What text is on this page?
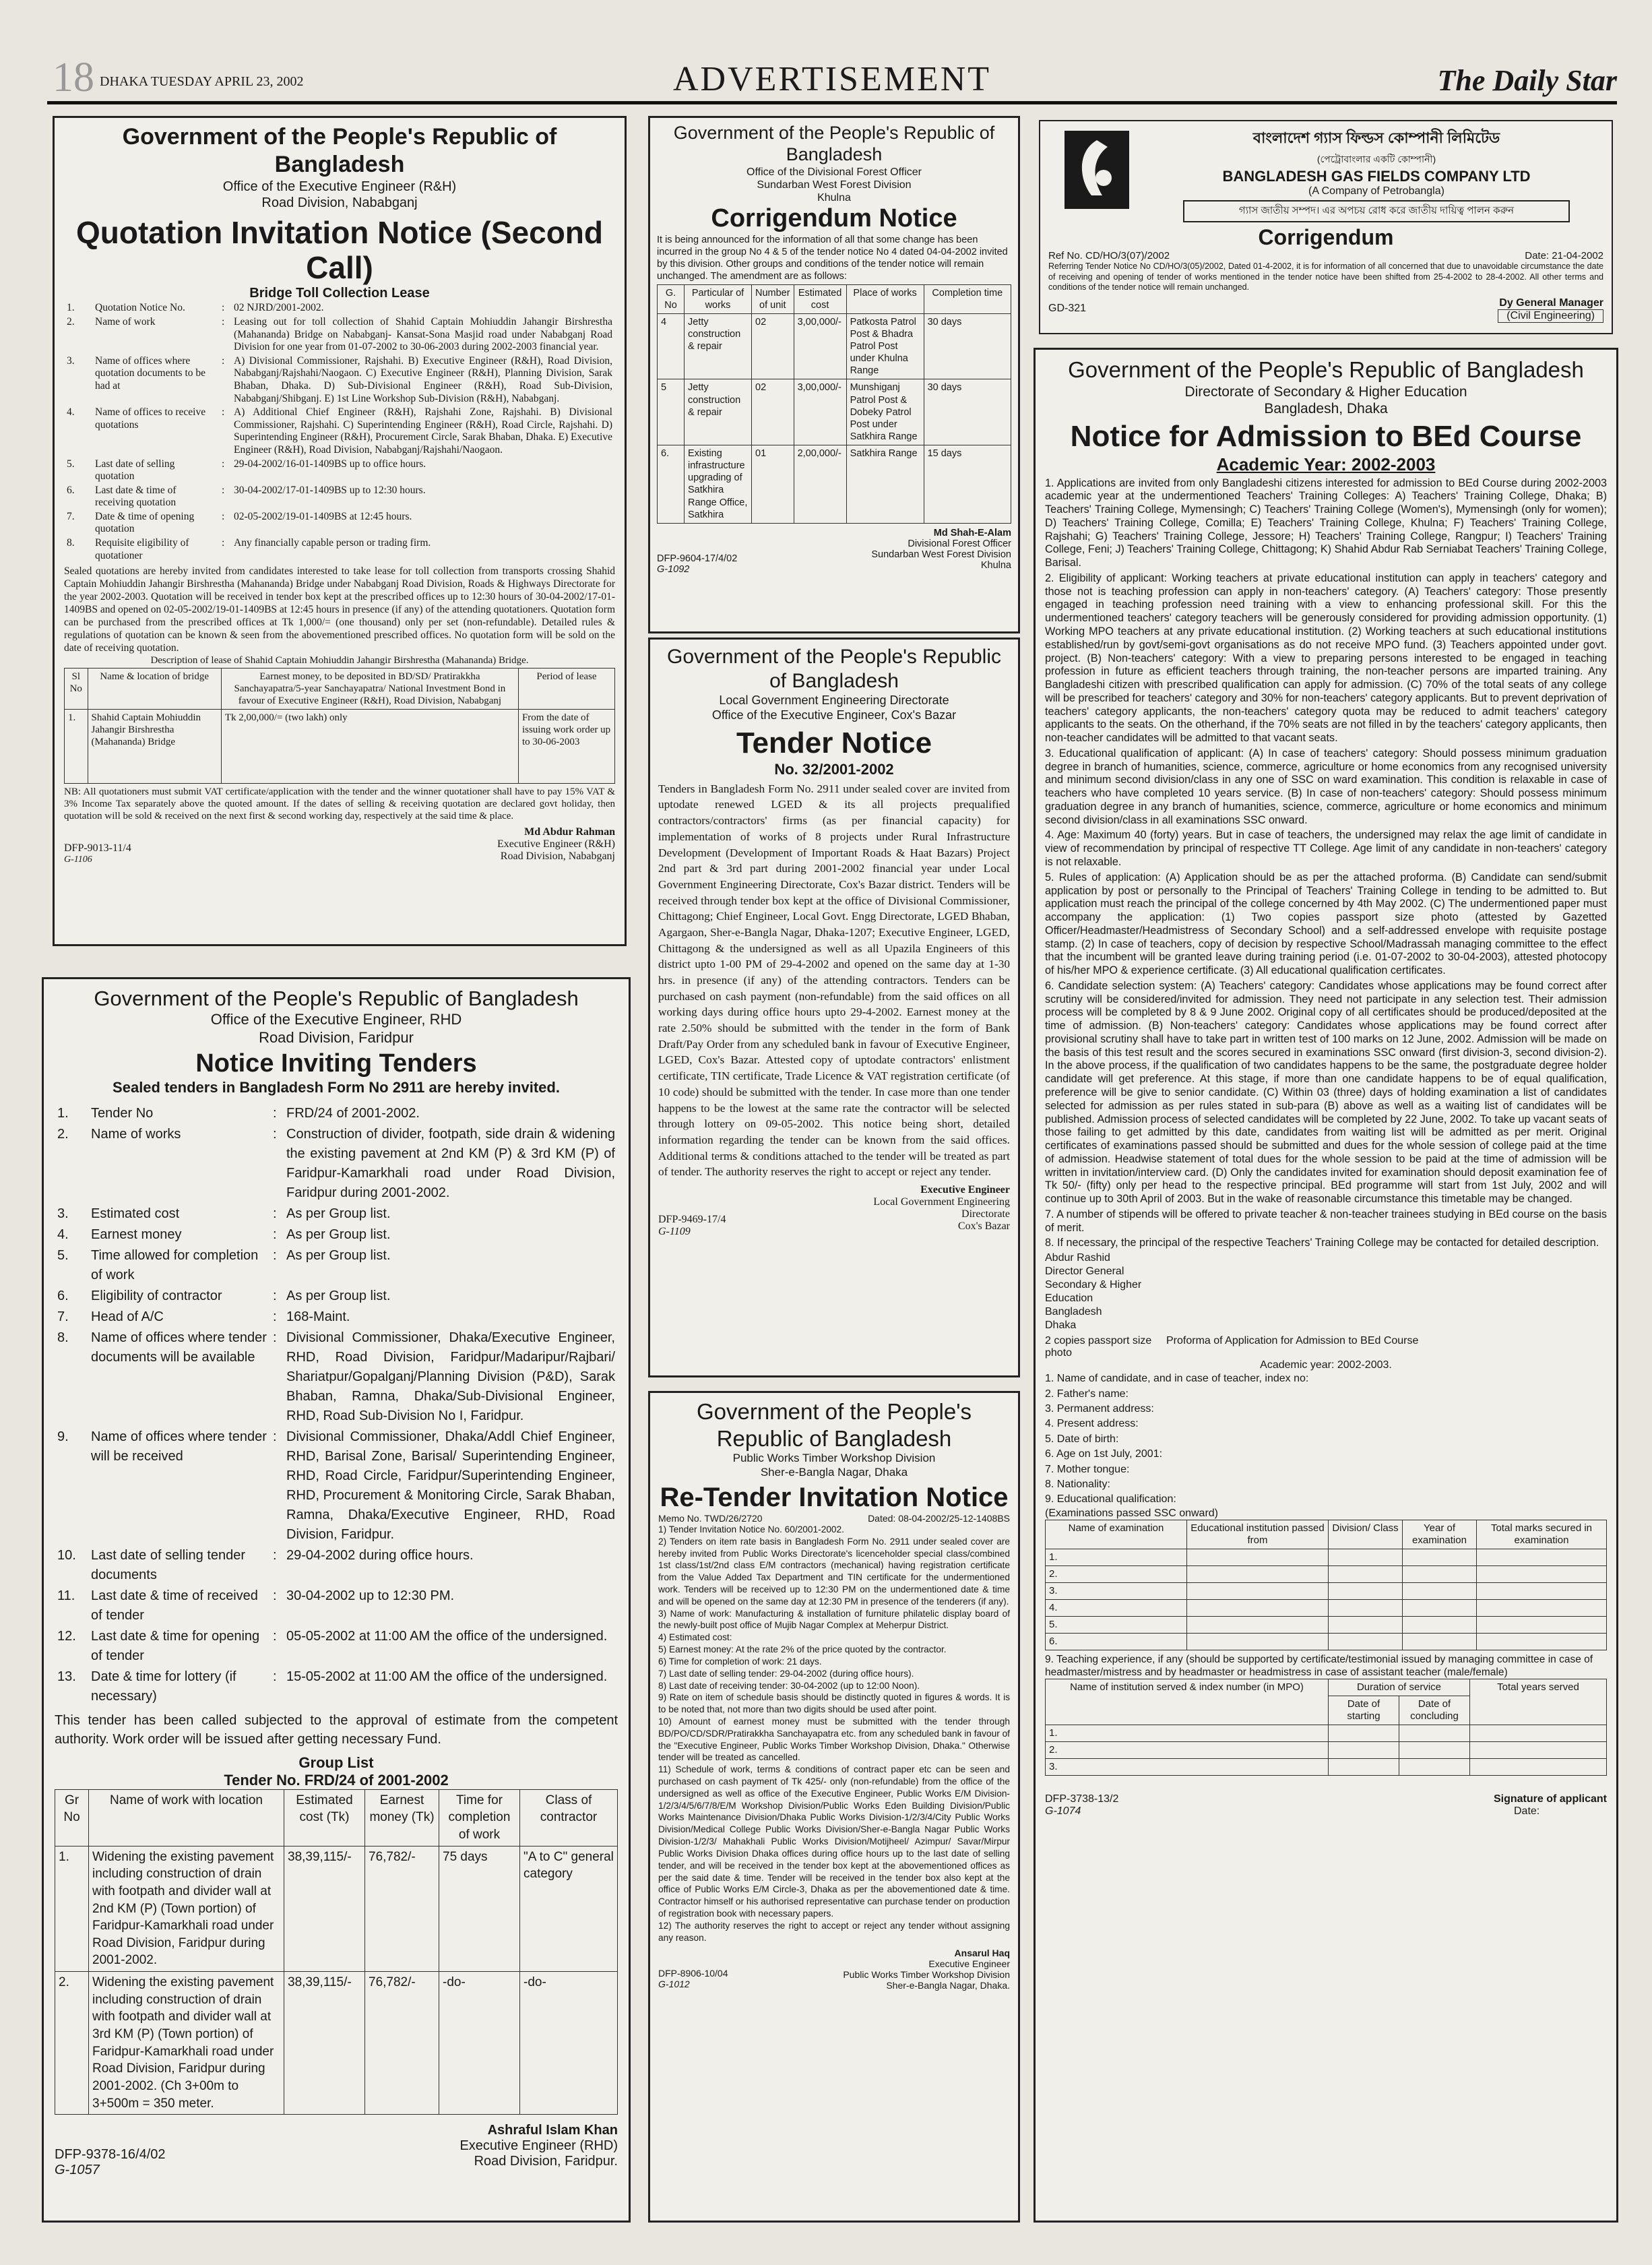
18 DHAKA TUESDAY APRIL 23, 2002	ADVERTISEMENT	The Daily Star
Government of the People's Republic of Bangladesh
Office of the Executive Engineer (R&H)
Road Division, Nababganj
Quotation Invitation Notice (Second Call)
Bridge Toll Collection Lease
1.	Quotation Notice No.	:	02 NJRD/2001-2002.
2.	Name of work	:	Leasing out for toll collection of Shahid Captain Mohiuddin Jahangir Birshrestha (Mahananda) Bridge on Nababganj- Kansat-Sona Masjid road under Nababganj Road Division for one year from 01-07-2002 to 30-06-2003 during 2002-2003 financial year.
3.	Name of offices where quotation documents to be had at	:	A) Divisional Commissioner, Rajshahi. B) Executive Engineer (R&H), Road Division, Nababganj/Rajshahi/Naogaon. C) Executive Engineer (R&H), Planning Division, Sarak Bhaban, Dhaka. D) Sub-Divisional Engineer (R&H), Road Sub-Division, Nababganj/Shibganj. E) 1st Line Workshop Sub-Division (R&H), Nababganj.
4.	Name of offices to receive quotations	:	A) Additional Chief Engineer (R&H), Rajshahi Zone, Rajshahi. B) Divisional Commissioner, Rajshahi. C) Superintending Engineer (R&H), Road Circle, Rajshahi. D) Superintending Engineer (R&H), Procurement Circle, Sarak Bhaban, Dhaka. E) Executive Engineer (R&H), Road Division, Nababganj/Rajshahi/Naogaon.
5.	Last date of selling quotation	:	29-04-2002/16-01-1409BS up to office hours.
6.	Last date & time of receiving quotation	:	30-04-2002/17-01-1409BS up to 12:30 hours.
7.	Date & time of opening quotation	:	02-05-2002/19-01-1409BS at 12:45 hours.
8.	Requisite eligibility of quotationer	:	Any financially capable person or trading firm.
Sealed quotations are hereby invited from candidates interested to take lease for toll collection from transports crossing Shahid Captain Mohiuddin Jahangir Birshrestha (Mahananda) Bridge under Nababganj Road Division, Roads & Highways Directorate for the year 2002-2003. Quotation will be received in tender box kept at the prescribed offices up to 12:30 hours of 30-04-2002/17-01-1409BS and opened on 02-05-2002/19-01-1409BS at 12:45 hours in presence (if any) of the attending quotationers. Quotation form can be purchased from the prescribed offices at Tk 1,000/= (one thousand) only per set (non-refundable). Detailed rules & regulations of quotation can be known & seen from the abovementioned prescribed offices. No quotation form will be sold on the date of receiving quotation.
Description of lease of Shahid Captain Mohiuddin Jahangir Birshrestha (Mahananda) Bridge.
Sl No	Name & location of bridge	Earnest money, to be deposited in BD/SD/ Pratirakkha Sanchayapatra/5-year Sanchayapatra/ National Investment Bond in favour of Executive Engineer (R&H), Road Division, Nababganj	Period of lease
1.	Shahid Captain Mohiuddin Jahangir Birshrestha (Mahananda) Bridge	Tk 2,00,000/= (two lakh) only	From the date of issuing work order up to 30-06-2003
NB: All quotationers must submit VAT certificate/application with the tender and the winner quotationer shall have to pay 15% VAT & 3% Income Tax separately above the quoted amount. If the dates of selling & receiving quotation are declared govt holiday, then quotation will be sold & received on the next first & second working day, respectively at the said time & place.
DFP-9013-11/4
G-1106
Md Abdur Rahman
Executive Engineer (R&H)
Road Division, Nababganj
Government of the People's Republic of Bangladesh
Office of the Executive Engineer, RHD
Road Division, Faridpur
Notice Inviting Tenders
Sealed tenders in Bangladesh Form No 2911 are hereby invited.
1.	Tender No	:	FRD/24 of 2001-2002.
2.	Name of works	:	Construction of divider, footpath, side drain & widening the existing pavement at 2nd KM (P) & 3rd KM (P) of Faridpur-Kamarkhali road under Road Division, Faridpur during 2001-2002.
3.	Estimated cost	:	As per Group list.
4.	Earnest money	:	As per Group list.
5.	Time allowed for completion of work	:	As per Group list.
6.	Eligibility of contractor	:	As per Group list.
7.	Head of A/C	:	168-Maint.
8.	Name of offices where tender documents will be available	:	Divisional Commissioner, Dhaka/Executive Engineer, RHD, Road Division, Faridpur/Madaripur/Rajbari/ Shariatpur/Gopalganj/Planning Division (P&D), Sarak Bhaban, Ramna, Dhaka/Sub-Divisional Engineer, RHD, Road Sub-Division No I, Faridpur.
9.	Name of offices where tender will be received	:	Divisional Commissioner, Dhaka/Addl Chief Engineer, RHD, Barisal Zone, Barisal/ Superintending Engineer, RHD, Road Circle, Faridpur/Superintending Engineer, RHD, Procurement & Monitoring Circle, Sarak Bhaban, Ramna, Dhaka/Executive Engineer, RHD, Road Division, Faridpur.
10.	Last date of selling tender documents	:	29-04-2002 during office hours.
11.	Last date & time of received of tender	:	30-04-2002 up to 12:30 PM.
12.	Last date & time for opening of tender	:	05-05-2002 at 11:00 AM the office of the undersigned.
13.	Date & time for lottery (if necessary)	:	15-05-2002 at 11:00 AM the office of the undersigned.
This tender has been called subjected to the approval of estimate from the competent authority. Work order will be issued after getting necessary Fund.
Group List
Tender No. FRD/24 of 2001-2002
Gr No	Name of work with location	Estimated cost (Tk)	Earnest money (Tk)	Time for completion of work	Class of contractor
1.	Widening the existing pavement including construction of drain with footpath and divider wall at 2nd KM (P) (Town portion) of Faridpur-Kamarkhali road under Road Division, Faridpur during 2001-2002.	38,39,115/-	76,782/-	75 days	"A to C" general category
2.	Widening the existing pavement including construction of drain with footpath and divider wall at 3rd KM (P) (Town portion) of Faridpur-Kamarkhali road under Road Division, Faridpur during 2001-2002. (Ch 3+00m to 3+500m = 350 meter.	38,39,115/-	76,782/-	-do-	-do-
DFP-9378-16/4/02
G-1057
Ashraful Islam Khan
Executive Engineer (RHD)
Road Division, Faridpur.
Government of the People's Republic of Bangladesh
Office of the Divisional Forest Officer
Sundarban West Forest Division
Khulna
Corrigendum Notice
It is being announced for the information of all that some change has been incurred in the group No 4 & 5 of the tender notice No 4 dated 04-04-2002 invited by this division. Other groups and conditions of the tender notice will remain unchanged. The amendment are as follows:
G. No	Particular of works	Number of unit	Estimated cost	Place of works	Completion time
4	Jetty construction & repair	02	3,00,000/-	Patkosta Patrol Post & Bhadra Patrol Post under Khulna Range	30 days
5	Jetty construction & repair	02	3,00,000/-	Munshiganj Patrol Post & Dobeky Patrol Post under Satkhira Range	30 days
6.	Existing infrastructure upgrading of Satkhira Range Office, Satkhira	01	2,00,000/-	Satkhira Range	15 days
DFP-9604-17/4/02
G-1092
Md Shah-E-Alam
Divisional Forest Officer
Sundarban West Forest Division
Khulna
Government of the People's Republic of Bangladesh
Local Government Engineering Directorate
Office of the Executive Engineer, Cox's Bazar
Tender Notice
No. 32/2001-2002
Tenders in Bangladesh Form No. 2911 under sealed cover are invited from uptodate renewed LGED & its all projects prequalified contractors/contractors' firms (as per financial capacity) for implementation of works of 8 projects under Rural Infrastructure Development (Development of Important Roads & Haat Bazars) Project 2nd part & 3rd part during 2001-2002 financial year under Local Government Engineering Directorate, Cox's Bazar district. Tenders will be received through tender box kept at the office of Divisional Commissioner, Chittagong; Chief Engineer, Local Govt. Engg Directorate, LGED Bhaban, Agargaon, Sher-e-Bangla Nagar, Dhaka-1207; Executive Engineer, LGED, Chittagong & the undersigned as well as all Upazila Engineers of this district upto 1-00 PM of 29-4-2002 and opened on the same day at 1-30 hrs. in presence (if any) of the attending contractors. Tenders can be purchased on cash payment (non-refundable) from the said offices on all working days during office hours upto 29-4-2002. Earnest money at the rate 2.50% should be submitted with the tender in the form of Bank Draft/Pay Order from any scheduled bank in favour of Executive Engineer, LGED, Cox's Bazar. Attested copy of uptodate contractors' enlistment certificate, TIN certificate, Trade Licence & VAT registration certificate (of 10 code) should be submitted with the tender. In case more than one tender happens to be the lowest at the same rate the contractor will be selected through lottery on 09-05-2002. This notice being short, detailed information regarding the tender can be known from the said offices. Additional terms & conditions attached to the tender will be treated as part of tender. The authority reserves the right to accept or reject any tender.
DFP-9469-17/4
G-1109
Executive Engineer
Local Government Engineering
Directorate
Cox's Bazar
Government of the People's Republic of Bangladesh
Public Works Timber Workshop Division
Sher-e-Bangla Nagar, Dhaka
Re-Tender Invitation Notice
Memo No. TWD/26/2720	Dated: 08-04-2002/25-12-1408BS
1) Tender Invitation Notice No. 60/2001-2002.
2) Tenders on item rate basis in Bangladesh Form No. 2911 under sealed cover are hereby invited from Public Works Directorate's licenceholder special class/combined 1st class/1st/2nd class E/M contractors (mechanical) having registration certificate from the Value Added Tax Department and TIN certificate for the undermentioned work. Tenders will be received up to 12:30 PM on the undermentioned date & time and will be opened on the same day at 12:30 PM in presence of the tenderers (if any).
3) Name of work: Manufacturing & installation of furniture philatelic display board of the newly-built post office of Mujib Nagar Complex at Meherpur District.
4) Estimated cost:
5) Earnest money: At the rate 2% of the price quoted by the contractor.
6) Time for completion of work: 21 days.
7) Last date of selling tender: 29-04-2002 (during office hours).
8) Last date of receiving tender: 30-04-2002 (up to 12:00 Noon).
9) Rate on item of schedule basis should be distinctly quoted in figures & words. It is to be noted that, not more than two digits should be used after point.
10) Amount of earnest money must be submitted with the tender through BD/PO/CD/SDR/Pratirakkha Sanchayapatra etc. from any scheduled bank in favour of the "Executive Engineer, Public Works Timber Workshop Division, Dhaka." Otherwise tender will be treated as cancelled.
11) Schedule of work, terms & conditions of contract paper etc can be seen and purchased on cash payment of Tk 425/- only (non-refundable) from the office of the undersigned as well as office of the Executive Engineer, Public Works E/M Division-1/2/3/4/5/6/7/8/E/M Workshop Division/Public Works Eden Building Division/Public Works Maintenance Division/Dhaka Public Works Division-1/2/3/4/City Public Works Division/Medical College Public Works Division/Sher-e-Bangla Nagar Public Works Division-1/2/3/ Mahakhali Public Works Division/Motijheel/ Azimpur/ Savar/Mirpur Public Works Division Dhaka offices during office hours up to the last date of selling tender, and will be received in the tender box kept at the abovementioned offices as per the said date & time. Tender will be received in the tender box also kept at the office of Public Works E/M Circle-3, Dhaka as per the abovementioned date & time. Contractor himself or his authorised representative can purchase tender on production of registration book with necessary papers.
12) The authority reserves the right to accept or reject any tender without assigning any reason.
DFP-8906-10/04
G-1012
Ansarul Haq
Executive Engineer
Public Works Timber Workshop Division
Sher-e-Bangla Nagar, Dhaka.
বাংলাদেশ গ্যাস ফিল্ডস কোম্পানী লিমিটেড
(পেট্রোবাংলার একটি কোম্পানী)
BANGLADESH GAS FIELDS COMPANY LTD
(A Company of Petrobangla)
গ্যাস জাতীয় সম্পদ। এর অপচয় রোধ করে জাতীয় দায়িত্ব পালন করুন
Corrigendum
Ref No. CD/HO/3(07)/2002	Date: 21-04-2002
Referring Tender Notice No CD/HO/3(05)/2002, Dated 01-4-2002, it is for information of all concerned that due to unavoidable circumstance the date of receiving and opening of tender of works mentioned in the tender notice have been shifted from 25-4-2002 to 28-4-2002. All other terms and conditions of the tender notice will remain unchanged.
GD-321	Dy General Manager
(Civil Engineering)
Government of the People's Republic of Bangladesh
Directorate of Secondary & Higher Education
Bangladesh, Dhaka
Notice for Admission to BEd Course
Academic Year: 2002-2003
1. Applications are invited from only Bangladeshi citizens interested for admission to BEd Course during 2002-2003 academic year at the undermentioned Teachers' Training Colleges: A) Teachers' Training College, Dhaka; B) Teachers' Training College, Mymensingh; C) Teachers' Training College (Women's), Mymensingh (only for women); D) Teachers' Training College, Comilla; E) Teachers' Training College, Khulna; F) Teachers' Training College, Rajshahi; G) Teachers' Training College, Jessore; H) Teachers' Training College, Rangpur; I) Teachers' Training College, Feni; J) Teachers' Training College, Chittagong; K) Shahid Abdur Rab Serniabat Teachers' Training College, Barisal.
2. Eligibility of applicant: Working teachers at private educational institution can apply in teachers' category and those not is teaching profession can apply in non-teachers' category. (A) Teachers' category: Those presently engaged in teaching profession need training with a view to enhancing professional skill. For this the undermentioned teachers' category teachers will be generously considered for providing admission opportunity. (1) Working MPO teachers at any private educational institution. (2) Working teachers at such educational institutions established/run by govt/semi-govt organisations as do not receive MPO fund. (3) Teachers appointed under govt. project. (B) Non-teachers' category: With a view to preparing persons interested to be engaged in teaching profession in future as efficient teachers through training, the non-teacher persons are imparted training. Any Bangladeshi citizen with prescribed qualification can apply for admission. (C) 70% of the total seats of any college will be prescribed for teachers' category and 30% for non-teachers' category applicants. But to prevent deprivation of teachers' category applicants, the non-teachers' category quota may be reduced to admit teachers' category applicants to the seats. On the otherhand, if the 70% seats are not filled in by the teachers' category applicants, then non-teacher candidates will be admitted to that vacant seats.
3. Educational qualification of applicant: (A) In case of teachers' category: Should possess minimum graduation degree in branch of humanities, science, commerce, agriculture or home economics from any recognised university and minimum second division/class in any one of SSC on ward examination. This condition is relaxable in case of teachers who have completed 10 years service. (B) In case of non-teachers' category: Should possess minimum graduation degree in any branch of humanities, science, commerce, agriculture or home economics and minimum second division/class in all examinations SSC onward.
4. Age: Maximum 40 (forty) years. But in case of teachers, the undersigned may relax the age limit of candidate in view of recommendation by principal of respective TT College. Age limit of any candidate in non-teachers' category is not relaxable.
5. Rules of application: (A) Application should be as per the attached proforma. (B) Candidate can send/submit application by post or personally to the Principal of Teachers' Training College in tending to be admitted to. But application must reach the principal of the college concerned by 4th May 2002. (C) The undermentioned paper must accompany the application: (1) Two copies passport size photo (attested by Gazetted Officer/Headmaster/Headmistress of Secondary School) and a self-addressed envelope with requisite postage stamp. (2) In case of teachers, copy of decision by respective School/Madrassah managing committee to the effect that the incumbent will be granted leave during training period (i.e. 01-07-2002 to 30-04-2003), attested photocopy of his/her MPO & experience certificate. (3) All educational qualification certificates.
6. Candidate selection system: (A) Teachers' category: Candidates whose applications may be found correct after scrutiny will be considered/invited for admission. They need not participate in any selection test. Their admission process will be completed by 8 & 9 June 2002. Original copy of all certificates should be produced/deposited at the time of admission. (B) Non-teachers' category: Candidates whose applications may be found correct after provisional scrutiny shall have to take part in written test of 100 marks on 12 June, 2002. Admission will be made on the basis of this test result and the scores secured in examinations SSC onward (first division-3, second division-2). In the above process, if the qualification of two candidates happens to be the same, the postgraduate degree holder candidate will get preference. At this stage, if more than one candidate happens to be of equal qualification, preference will be give to senior candidate. (C) Within 03 (three) days of holding examination a list of candidates selected for admission as per rules stated in sub-para (B) above as well as a waiting list of candidates will be published. Admission process of selected candidates will be completed by 22 June, 2002. To take up vacant seats of those failing to get admitted by this date, candidates from waiting list will be admitted as per merit. Original certificates of examinations passed should be submitted and dues for the whole session of college paid at the time of admission. Headwise statement of total dues for the whole session to be paid at the time of admission will be written in invitation/interview card. (D) Only the candidates invited for examination should deposit examination fee of Tk 50/- (fifty) only per head to the respective principal. BEd programme will start from 1st July, 2002 and will continue up to 30th April of 2003. But in the wake of reasonable circumstance this timetable may be changed.
7. A number of stipends will be offered to private teacher & non-teacher trainees studying in BEd course on the basis of merit.
8. If necessary, the principal of the respective Teachers' Training College may be contacted for detailed description.
Abdur Rashid
Director General
Secondary & Higher
Education
Bangladesh
Dhaka
2 copies passport size photo
Proforma of Application for Admission to BEd Course
Academic year: 2002-2003.
1. Name of candidate, and in case of teacher, index no:
2. Father's name:
3. Permanent address:
4. Present address:
5. Date of birth:
6. Age on 1st July, 2001:
7. Mother tongue:
8. Nationality:
9. Educational qualification:
(Examinations passed SSC onward)
Name of examination	Educational institution passed from	Division/ Class	Year of examination	Total marks secured in examination
1.				
2.				
3.				
4.				
5.				
6.				
9. Teaching experience, if any (should be supported by certificate/testimonial issued by managing committee in case of headmaster/mistress and by headmaster or headmistress in case of assistant teacher (male/female)
Name of institution served & index number (in MPO)	Duration of service		Total years served
	Date of starting	Date of concluding	
1.			
2.			
3.			
DFP-3738-13/2
G-1074
Signature of applicant
Date:
